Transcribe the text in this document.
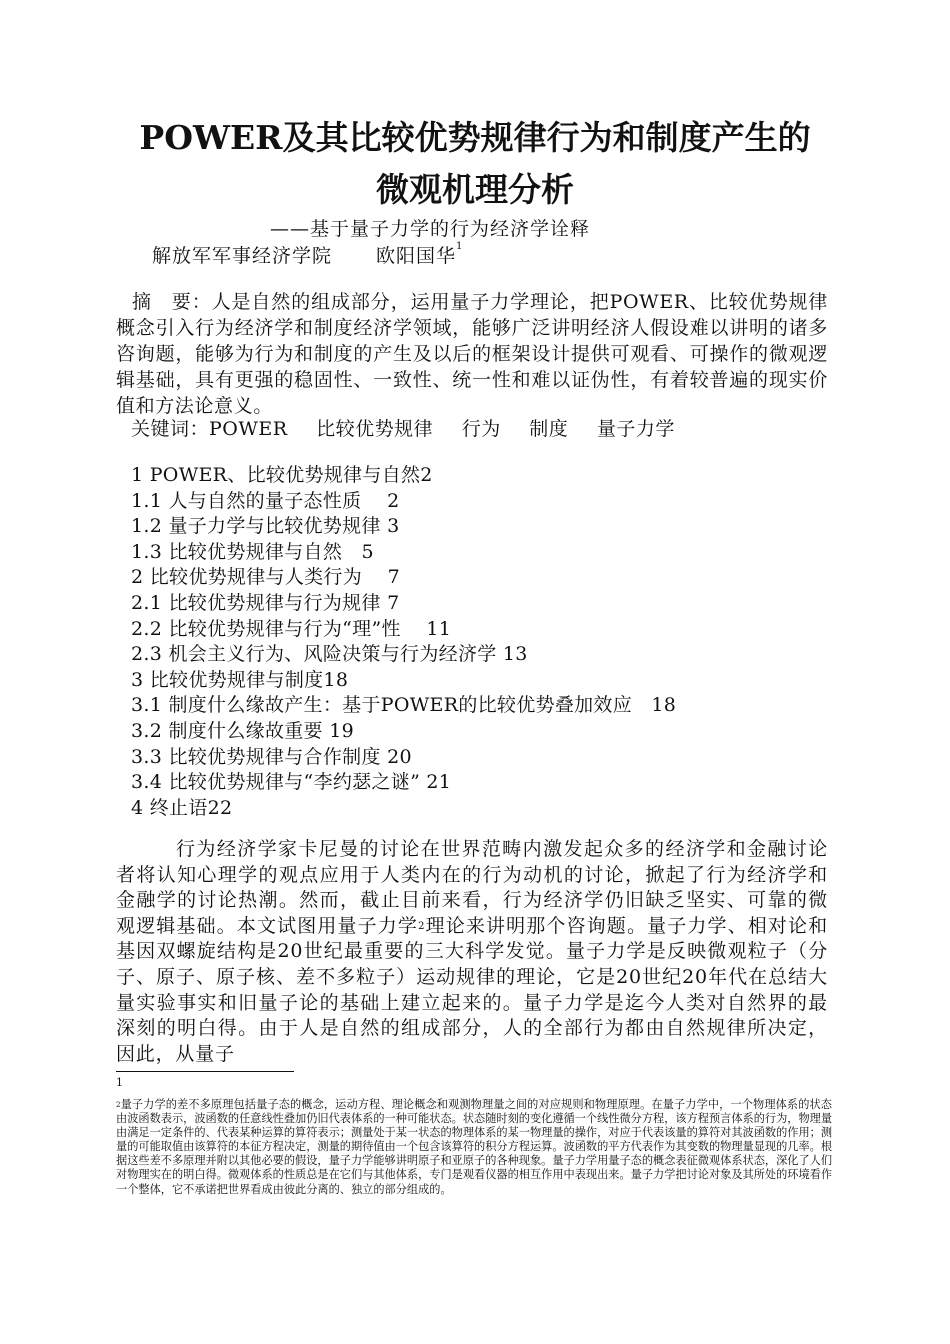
POWER及其比较优势规律行为和制度产生的
微观机理分析
——基于量子力学的行为经济学诠释
解放军军事经济学院 欧阳国华$^1$

摘　要：人是自然的组成部分，运用量子力学理论，把POWER、比较优势规律概念引入行为经济学和制度经济学领域，能够广泛讲明经济人假设难以讲明的诸多咨询题，能够为行为和制度的产生及以后的框架设计提供可观看、可操作的微观逻辑基础，具有更强的稳固性、一致性、统一性和难以证伪性，有着较普遍的现实价值和方法论意义。

关键词：POWER 比较优势规律 行为 制度 量子力学
1 POWER、比较优势规律与自然2
1.1 人与自然的量子态性质　 2
1.2 量子力学与比较优势规律 3
1.3 比较优势规律与自然　5
2 比较优势规律与人类行为　 7
2.1 比较优势规律与行为规律 7
2.2 比较优势规律与行为“理”性　 11
2.3 机会主义行为、风险决策与行为经济学 13
3 比较优势规律与制度18
3.1 制度什么缘故产生：基于POWER的比较优势叠加效应　18
3.2 制度什么缘故重要 19
3.3 比较优势规律与合作制度 20
3.4 比较优势规律与“李约瑟之谜” 21
4 终止语22

行为经济学家卡尼曼的讨论在世界范畴内激发起众多的经济学和金融讨论者将认知心理学的观点应用于人类内在的行为动机的讨论，掀起了行为经济学和金融学的讨论热潮。然而，截止目前来看，行为经济学仍旧缺乏坚实、可靠的微观逻辑基础。本文试图用量子力学$^2$理论来讲明那个咨询题。量子力学、相对论和基因双螺旋结构是20世纪最重要的三大科学发觉。量子力学是反映微观粒子（分子、原子、原子核、差不多粒子）运动规律的理论，它是20世纪20年代在总结大量实验事实和旧量子论的基础上建立起来的。量子力学是迄今人类对自然界的最深刻的明白得。由于人是自然的组成部分，人的全部行为都由自然规律所决定，因此，从量子

1

$^2$量子力学的差不多原理包括量子态的概念，运动方程、理论概念和观测物理量之间的对应规则和物理原理。在量子力学中，一个物理体系的状态由波函数表示，波函数的任意线性叠加仍旧代表体系的一种可能状态。状态随时刻的变化遵循一个线性微分方程，该方程预言体系的行为，物理量由满足一定条件的、代表某种运算的算符表示；测量处于某一状态的物理体系的某一物理量的操作，对应于代表该量的算符对其波函数的作用；测量的可能取值由该算符的本征方程决定，测量的期待值由一个包含该算符的积分方程运算。波函数的平方代表作为其变数的物理量显现的几率。根据这些差不多原理并附以其他必要的假设，量子力学能够讲明原子和亚原子的各种现象。量子力学用量子态的概念表征微观体系状态，深化了人们对物理实在的明白得。微观体系的性质总是在它们与其他体系，专门是观看仪器的相互作用中表现出来。量子力学把讨论对象及其所处的环境看作一个整体，它不承诺把世界看成由彼此分离的、独立的部分组成的。
